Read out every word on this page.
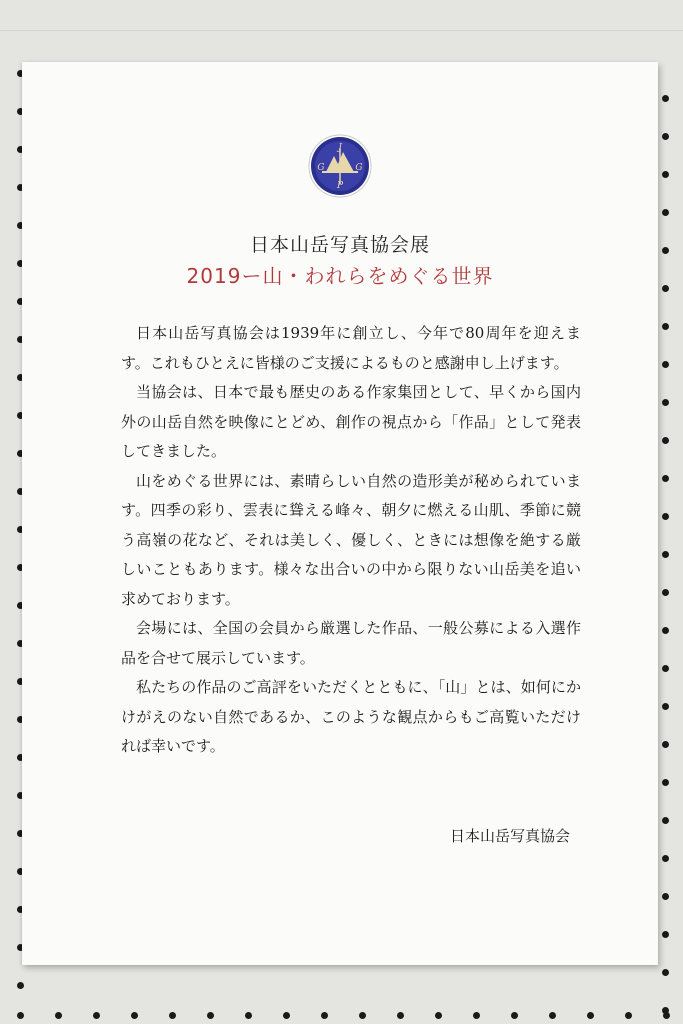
J
G	G
P
日本山岳写真協会展
2019ー山・われらをめぐる世界

日本山岳写真協会は1939年に創立し、今年で80周年を迎えます。これもひとえに皆様のご支援によるものと感謝申し上げます。

当協会は、日本で最も歴史のある作家集団として、早くから国内外の山岳自然を映像にとどめ、創作の視点から「作品」として発表してきました。

山をめぐる世界には、素晴らしい自然の造形美が秘められています。四季の彩り、雲表に聳える峰々、朝夕に燃える山肌、季節に競う高嶺の花など、それは美しく、優しく、ときには想像を絶する厳しいこともあります。様々な出合いの中から限りない山岳美を追い求めております。

会場には、全国の会員から厳選した作品、一般公募による入選作品を合せて展示しています。

私たちの作品のご高評をいただくとともに、「山」とは、如何にかけがえのない自然であるか、このような観点からもご高覧いただければ幸いです。

日本山岳写真協会
